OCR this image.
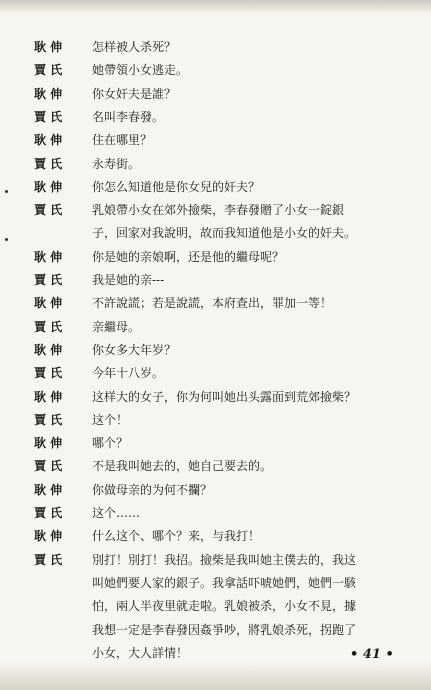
耿 伸	怎样被人杀死？
賈 氏	她帶領小女逃走。
耿 伸	你女奸夫是誰？
賈 氏	名叫李春發。
耿 伸	住在哪里？
賈 氏	永寿街。
耿 伸	你怎么知道他是你女兒的奸夫？
賈 氏	乳娘帶小女在郊外撿柴，李春發贈了小女一錠銀
子，回家对我說明，故而我知道他是小女的奸夫。
耿 伸	你是她的亲娘啊，还是他的繼母呢？
賈 氏	我是她的亲---
耿 伸	不許說謊；若是說謊，本府查出，罪加一等！
賈 氏	亲繼母。
耿 伸	你女多大年岁？
賈 氏	今年十八岁。
耿 伸	这样大的女子，你为何叫她出头露面到荒郊撿柴？
賈 氏	这个！
耿 伸	哪个？
賈 氏	不是我叫她去的，她自己要去的。
耿 伸	你做母亲的为何不攔？
賈 氏	这个……
耿 伸	什么这个、哪个？来，与我打！
賈 氏	別打！別打！我招。撿柴是我叫她主僕去的，我这
叫她們要人家的銀子。我拿話吓唬她們，她們一駭
怕，兩人半夜里就走啦。乳娘被杀，小女不見，據
我想一定是李春發因姦爭吵，將乳娘杀死，拐跑了
小女，大人詳情！	• 41 •
